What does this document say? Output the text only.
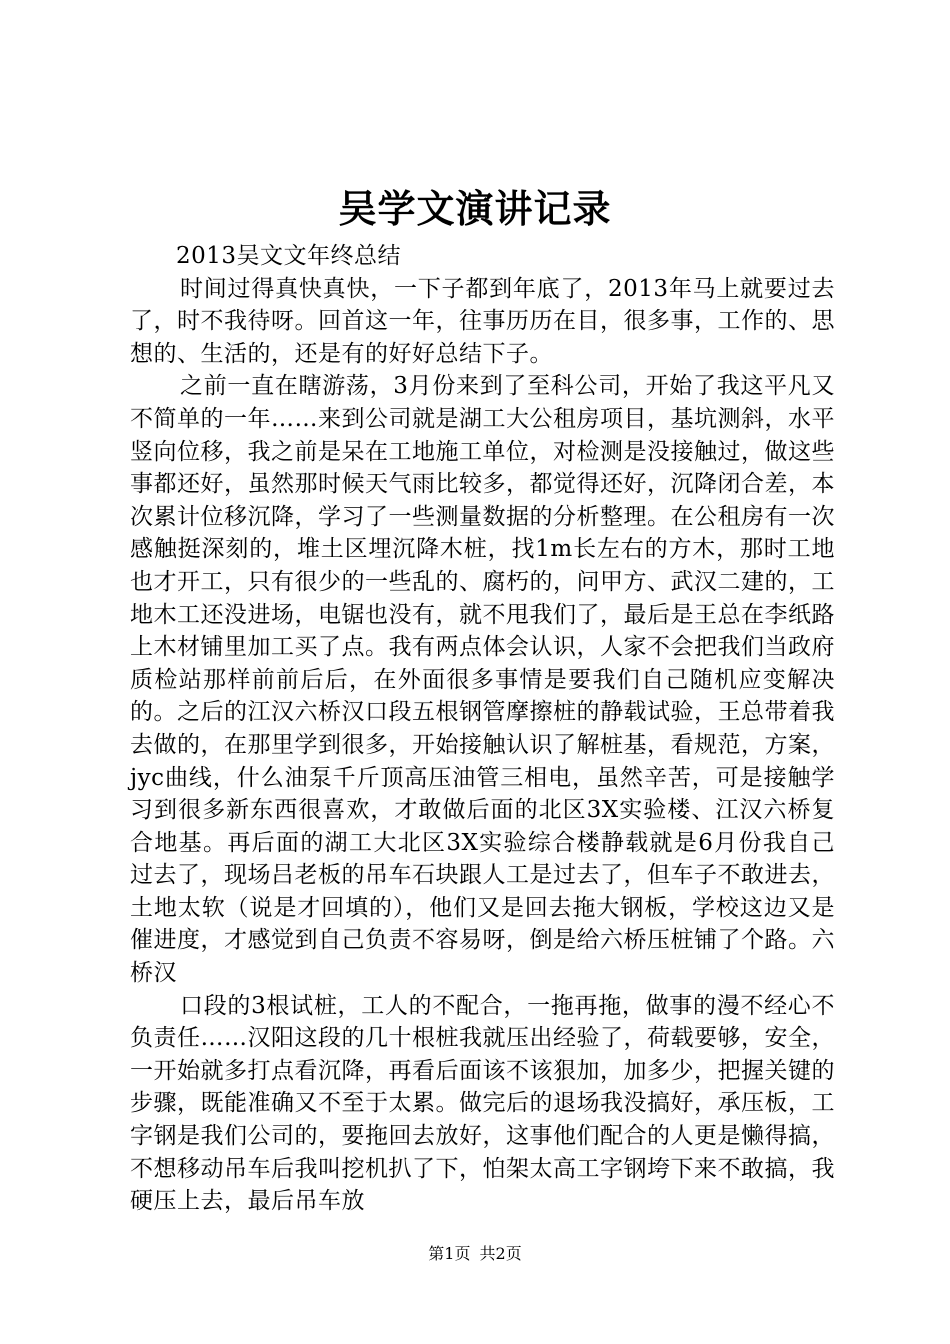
吴学文演讲记录

2013吴文文年终总结

时间过得真快真快，一下子都到年底了，2013年马上就要过去了，时不我待呀。回首这一年，往事历历在目，很多事，工作的、思想的、生活的，还是有的好好总结下子。

之前一直在瞎游荡，3月份来到了至科公司，开始了我这平凡又不简单的一年……来到公司就是湖工大公租房项目，基坑测斜，水平竖向位移，我之前是呆在工地施工单位，对检测是没接触过，做这些事都还好，虽然那时候天气雨比较多，都觉得还好，沉降闭合差，本次累计位移沉降，学习了一些测量数据的分析整理。在公租房有一次感触挺深刻的，堆土区埋沉降木桩，找1m长左右的方木，那时工地也才开工，只有很少的一些乱的、腐朽的，问甲方、武汉二建的，工地木工还没进场，电锯也没有，就不甩我们了，最后是王总在李纸路上木材铺里加工买了点。我有两点体会认识，人家不会把我们当政府质检站那样前前后后，在外面很多事情是要我们自己随机应变解决的。之后的江汉六桥汉口段五根钢管摩擦桩的静载试验，王总带着我去做的，在那里学到很多，开始接触认识了解桩基，看规范，方案，jyc曲线，什么油泵千斤顶高压油管三相电，虽然辛苦，可是接触学习到很多新东西很喜欢，才敢做后面的北区3X实验楼、江汉六桥复合地基。再后面的湖工大北区3X实验综合楼静载就是6月份我自己过去了，现场吕老板的吊车石块跟人工是过去了，但车子不敢进去，土地太软（说是才回填的），他们又是回去拖大钢板，学校这边又是催进度，才感觉到自己负责不容易呀，倒是给六桥压桩铺了个路。六桥汉

口段的3根试桩，工人的不配合，一拖再拖，做事的漫不经心不负责任……汉阳这段的几十根桩我就压出经验了，荷载要够，安全，一开始就多打点看沉降，再看后面该不该狠加，加多少，把握关键的步骤，既能准确又不至于太累。做完后的退场我没搞好，承压板，工字钢是我们公司的，要拖回去放好，这事他们配合的人更是懒得搞，不想移动吊车后我叫挖机扒了下，怕架太高工字钢垮下来不敢搞，我硬压上去，最后吊车放

第1页 共2页
